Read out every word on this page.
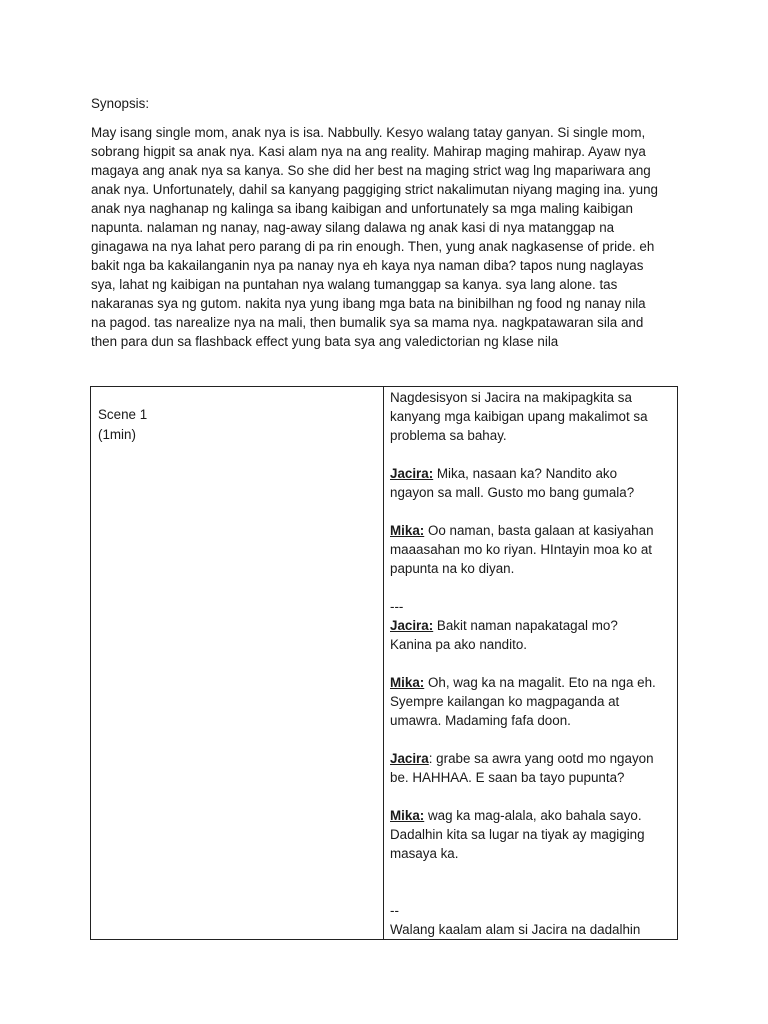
Synopsis:
May isang single mom, anak nya is isa. Nabbully. Kesyo walang tatay ganyan. Si single mom,
sobrang higpit sa anak nya. Kasi alam nya na ang reality. Mahirap maging mahirap. Ayaw nya
magaya ang anak nya sa kanya. So she did her best na maging strict wag lng mapariwara ang
anak nya. Unfortunately, dahil sa kanyang paggiging strict nakalimutan niyang maging ina. yung
anak nya naghanap ng kalinga sa ibang kaibigan and unfortunately sa mga maling kaibigan
napunta. nalaman ng nanay, nag-away silang dalawa ng anak kasi di nya matanggap na
ginagawa na nya lahat pero parang di pa rin enough. Then, yung anak nagkasense of pride. eh
bakit nga ba kakailanganin nya pa nanay nya eh kaya nya naman diba? tapos nung naglayas
sya, lahat ng kaibigan na puntahan nya walang tumanggap sa kanya. sya lang alone. tas
nakaranas sya ng gutom. nakita nya yung ibang mga bata na binibilhan ng food ng nanay nila
na pagod. tas narealize nya na mali, then bumalik sya sa mama nya. nagkpatawaran sila and
then para dun sa flashback effect yung bata sya ang valedictorian ng klase nila
Scene 1
(1min)

Nagdesisyon si Jacira na makipagkita sa
kanyang mga kaibigan upang makalimot sa
problema sa bahay.
Jacira: Mika, nasaan ka? Nandito ako
ngayon sa mall. Gusto mo bang gumala?
Mika: Oo naman, basta galaan at kasiyahan
maaasahan mo ko riyan. HIntayin moa ko at
papunta na ko diyan.
---
Jacira: Bakit naman napakatagal mo?
Kanina pa ako nandito.
Mika: Oh, wag ka na magalit. Eto na nga eh.
Syempre kailangan ko magpaganda at
umawra. Madaming fafa doon.
Jacira: grabe sa awra yang ootd mo ngayon
be. HAHHAA. E saan ba tayo pupunta?
Mika: wag ka mag-alala, ako bahala sayo.
Dadalhin kita sa lugar na tiyak ay magiging
masaya ka.
--
Walang kaalam alam si Jacira na dadalhin
